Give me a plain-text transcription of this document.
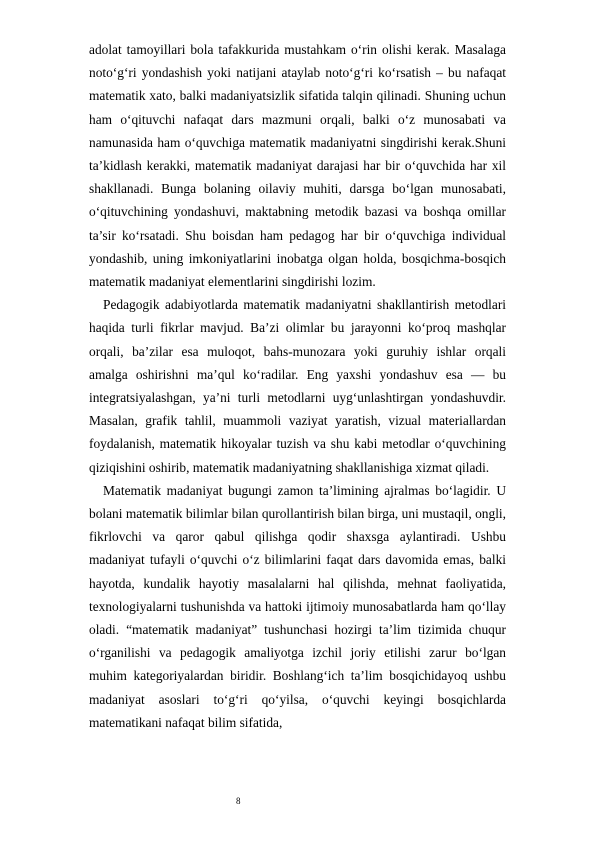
adolat tamoyillari bola tafakkurida mustahkam o‘rin olishi kerak. Masalaga noto‘g‘ri yondashish yoki natijani ataylab noto‘g‘ri ko‘rsatish – bu nafaqat matematik xato, balki madaniyatsizlik sifatida talqin qilinadi. Shuning uchun ham o‘qituvchi nafaqat dars mazmuni orqali, balki o‘z munosabati va namunasida ham o‘quvchiga matematik madaniyatni singdirishi kerak.Shuni ta’kidlash kerakki, matematik madaniyat darajasi har bir o‘quvchida har xil shakllanadi. Bunga bolaning oilaviy muhiti, darsga bo‘lgan munosabati, o‘qituvchining yondashuvi, maktabning metodik bazasi va boshqa omillar ta’sir ko‘rsatadi. Shu boisdan ham pedagog har bir o‘quvchiga individual yondashib, uning imkoniyatlarini inobatga olgan holda, bosqichma-bosqich matematik madaniyat elementlarini singdirishi lozim.

Pedagogik adabiyotlarda matematik madaniyatni shakllantirish metodlari haqida turli fikrlar mavjud. Ba’zi olimlar bu jarayonni ko‘proq mashqlar orqali, ba’zilar esa muloqot, bahs-munozara yoki guruhiy ishlar orqali amalga oshirishni ma’qul ko‘radilar. Eng yaxshi yondashuv esa — bu integratsiyalashgan, ya’ni turli metodlarni uyg‘unlashtirgan yondashuvdir. Masalan, grafik tahlil, muammoli vaziyat yaratish, vizual materiallardan foydalanish, matematik hikoyalar tuzish va shu kabi metodlar o‘quvchining qiziqishini oshirib, matematik madaniyatning shakllanishiga xizmat qiladi.

Matematik madaniyat bugungi zamon ta’limining ajralmas bo‘lagidir. U bolani matematik bilimlar bilan qurollantirish bilan birga, uni mustaqil, ongli, fikrlovchi va qaror qabul qilishga qodir shaxsga aylantiradi. Ushbu madaniyat tufayli o‘quvchi o‘z bilimlarini faqat dars davomida emas, balki hayotda, kundalik hayotiy masalalarni hal qilishda, mehnat faoliyatida, texnologiyalarni tushunishda va hattoki ijtimoiy munosabatlarda ham qo‘llay oladi. “matematik madaniyat” tushunchasi hozirgi ta’lim tizimida chuqur o‘rganilishi va pedagogik amaliyotga izchil joriy etilishi zarur bo‘lgan muhim kategoriyalardan biridir. Boshlang‘ich ta’lim bosqichidayoq ushbu madaniyat asoslari to‘g‘ri qo‘yilsa, o‘quvchi keyingi bosqichlarda matematikani nafaqat bilim sifatida,

8
